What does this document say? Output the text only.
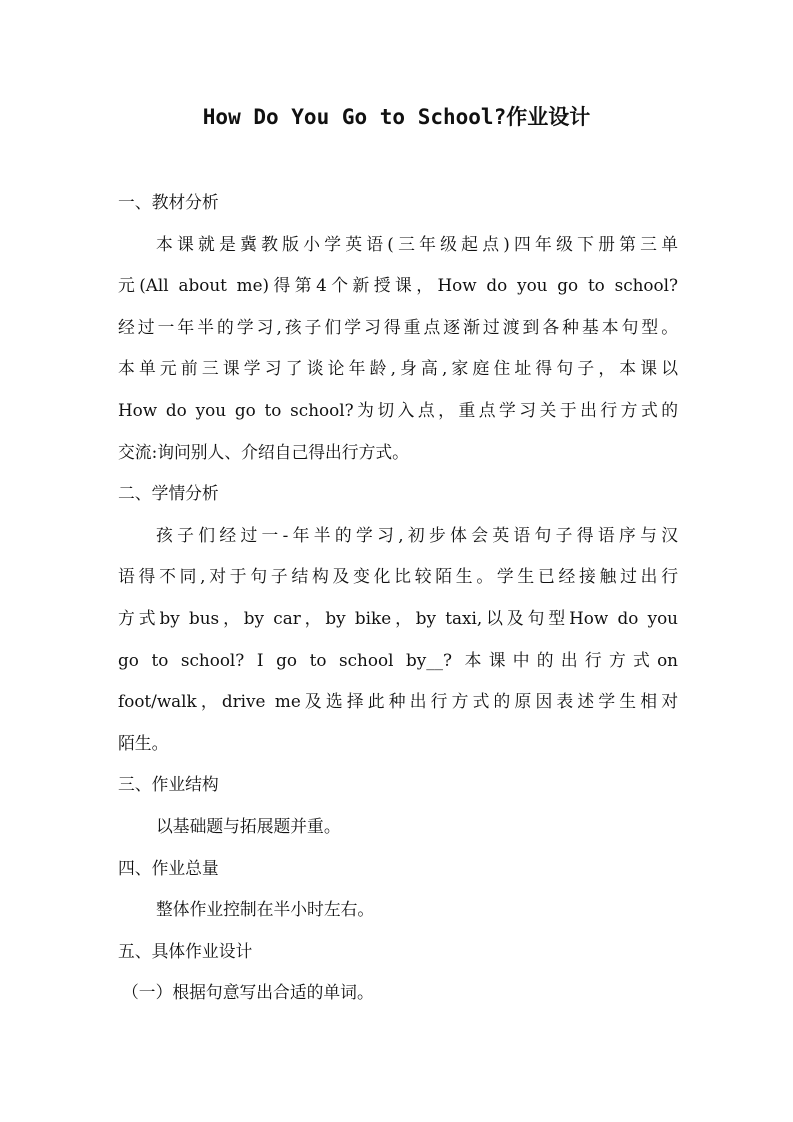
How Do You Go to School?作业设计
一、教材分析
本课就是冀教版小学英语(三年级起点)四年级下册第三单
元(All about me)得第4个新授课，How do you go to school?
经过一年半的学习,孩子们学习得重点逐渐过渡到各种基本句型。
本单元前三课学习了谈论年龄,身高,家庭住址得句子，本课以
How do you go to school?为切入点，重点学习关于出行方式的
交流:询问别人、介绍自己得出行方式。
二、学情分析
孩子们经过一-年半的学习,初步体会英语句子得语序与汉
语得不同,对于句子结构及变化比较陌生。学生已经接触过出行
方式by bus，by car，by bike，by taxi,以及句型How do you
go to school? I go to school by__? 本课中的出行方式on
foot/walk，drive me及选择此种出行方式的原因表述学生相对
陌生。
三、作业结构
以基础题与拓展题并重。
四、作业总量
整体作业控制在半小时左右。
五、具体作业设计
（一）根据句意写出合适的单词。
